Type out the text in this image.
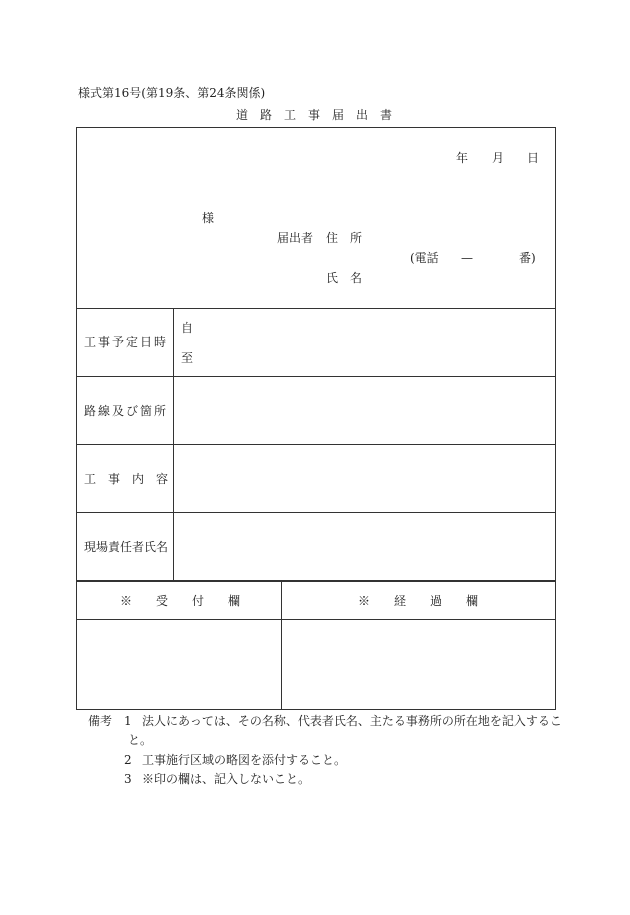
様式第16号(第19条、第24条関係)
道路工事届出書
年 月 日
様
届出者 住　所
(電話 —	番)
氏　名
工事予定日時
自
至
路線及び箇所
工　事　内　容
現場責任者氏名
※　　受　　付　　欄	※　　経　　過　　欄
備考 1 法人にあっては、その名称、代表者氏名、主たる事務所の所在地を記入するこ
と。
2 工事施行区域の略図を添付すること。
3 ※印の欄は、記入しないこと。
